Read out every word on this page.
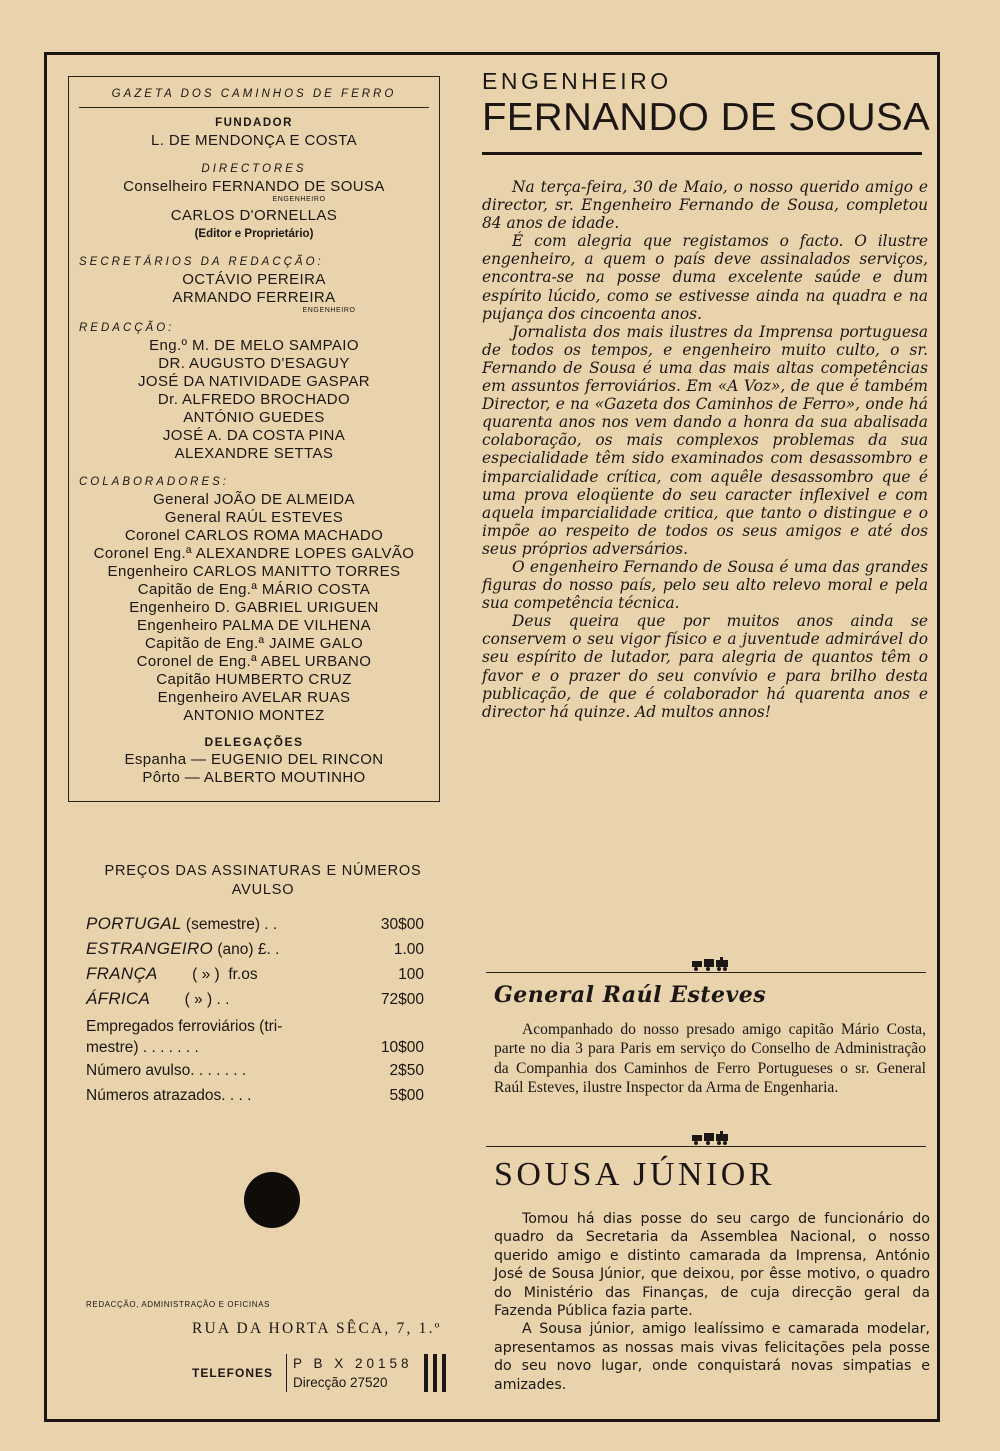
GAZETA DOS CAMINHOS DE FERRO
FUNDADOR
L. DE MENDONÇA E COSTA
DIRECTORES
Conselheiro FERNANDO DE SOUSA
ENGENHEIRO
CARLOS D'ORNELLAS
(Editor e Proprietário)
SECRETÁRIOS DA REDACÇÃO:
OCTÁVIO PEREIRA
ARMANDO FERREIRA
ENGENHEIRO
REDACÇÃO:
Eng.º M. DE MELO SAMPAIO
DR. AUGUSTO D'ESAGUY
JOSÉ DA NATIVIDADE GASPAR
Dr. ALFREDO BROCHADO
ANTÓNIO GUEDES
JOSÉ A. DA COSTA PINA
ALEXANDRE SETTAS
COLABORADORES:
General JOÃO DE ALMEIDA
General RAÚL ESTEVES
Coronel CARLOS ROMA MACHADO
Coronel Eng.ª ALEXANDRE LOPES GALVÃO
Engenheiro CARLOS MANITTO TORRES
Capitão de Eng.ª MÁRIO COSTA
Engenheiro D. GABRIEL URIGUEN
Engenheiro PALMA DE VILHENA
Capitão de Eng.ª JAIME GALO
Coronel de Eng.ª ABEL URBANO
Capitão HUMBERTO CRUZ
Engenheiro AVELAR RUAS
ANTONIO MONTEZ
DELEGAÇÕES
Espanha — EUGENIO DEL RINCON
Pôrto — ALBERTO MOUTINHO
PREÇOS DAS ASSINATURAS E NÚMEROS
AVULSO
PORTUGAL (semestre) . .	30$00
ESTRANGEIRO (ano) £. .	1.00
FRANÇA        ( » )  fr.os	100
ÁFRICA        ( » ) . .	72$00
Empregados ferroviários (tri-
mestre) . . . . . . .	10$00
Número avulso. . . . . . .	2$50
Números atrazados. . . .	5$00
REDACÇÃO, ADMINISTRAÇÃO E OFICINAS
RUA DA HORTA SÊCA, 7, 1.º
TELEFONES
P B X 20158
Direcção 27520
ENGENHEIRO
FERNANDO DE SOUSA

Na terça-feira, 30 de Maio, o nosso querido amigo e director, sr. Engenheiro Fernando de Sousa, completou 84 anos de idade.

É com alegria que registamos o facto. O ilustre engenheiro, a quem o país deve assinalados serviços, encontra-se na posse duma excelente saúde e dum espírito lúcido, como se estivesse ainda na quadra e na pujança dos cincoenta anos.

Jornalista dos mais ilustres da Imprensa portuguesa de todos os tempos, e engenheiro muito culto, o sr. Fernando de Sousa é uma das mais altas competências em assuntos ferroviários. Em «A Voz», de que é também Director, e na «Gazeta dos Caminhos de Ferro», onde há quarenta anos nos vem dando a honra da sua abalisada colaboração, os mais complexos problemas da sua especialidade têm sido examinados com desassombro e imparcialidade crítica, com aquêle desassombro que é uma prova eloqüente do seu caracter inflexivel e com aquela imparcialidade critica, que tanto o distingue e o impõe ao respeito de todos os seus amigos e até dos seus próprios adversários.

O engenheiro Fernando de Sousa é uma das grandes figuras do nosso país, pelo seu alto relevo moral e pela sua competência técnica.

Deus queira que por muitos anos ainda se conservem o seu vigor físico e a juventude admirável do seu espírito de lutador, para alegria de quantos têm o favor e o prazer do seu convívio e para brilho desta publicação, de que é colaborador há quarenta anos e director há quinze. Ad multos annos!

General Raúl Esteves

Acompanhado do nosso presado amigo capitão Mário Costa, parte no dia 3 para Paris em serviço do Conselho de Administração da Companhia dos Caminhos de Ferro Portugueses o sr. General Raúl Esteves, ilustre Inspector da Arma de Engenharia.

SOUSA JÚNIOR

Tomou há dias posse do seu cargo de funcionário do quadro da Secretaria da Assemblea Nacional, o nosso querido amigo e distinto camarada da Imprensa, António José de Sousa Júnior, que deixou, por êsse motivo, o quadro do Ministério das Finanças, de cuja direcção geral da Fazenda Pública fazia parte.

A Sousa júnior, amigo lealíssimo e camarada modelar, apresentamos as nossas mais vivas felicitações pela posse do seu novo lugar, onde conquistará novas simpatias e amizades.
